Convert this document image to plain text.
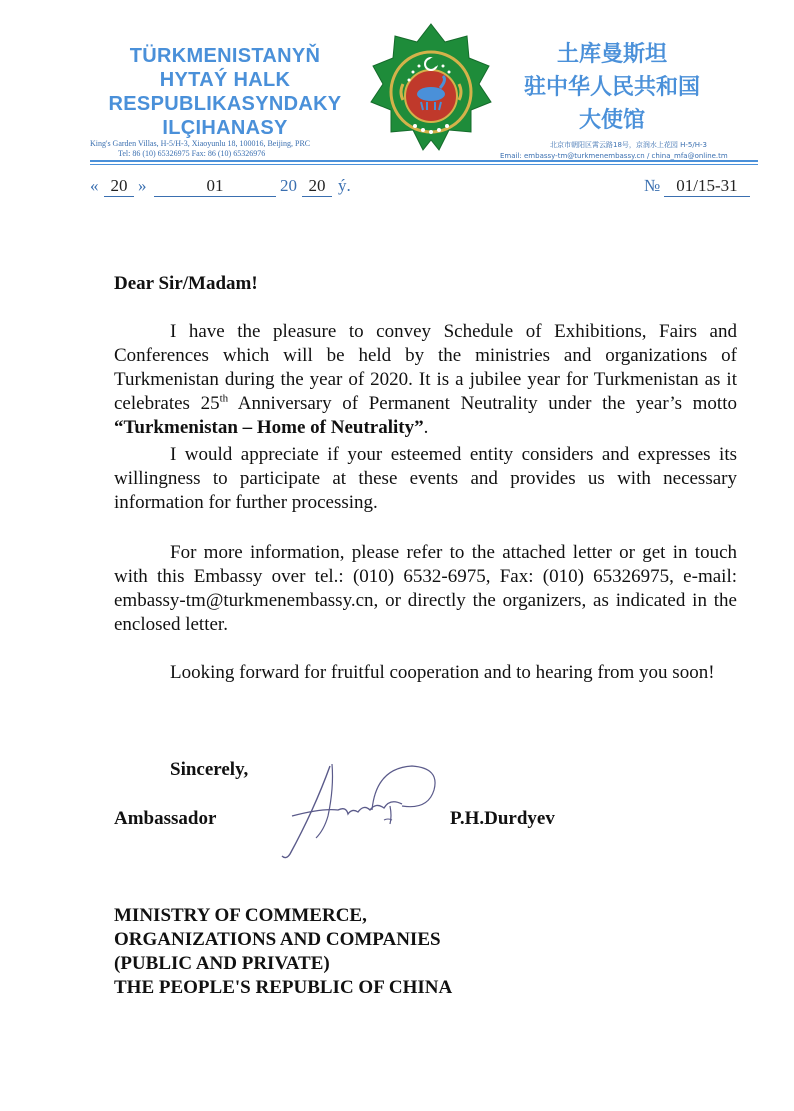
TÜRKMENISTANYŇ
HYTAÝ HALK
RESPUBLIKASYNDAKY
ILÇIHANASY
King's Garden Villas, H-5/H-3, Xiaoyunlu 18, 100016, Beijing, PRC
Tel: 86 (10) 65326975 Fax: 86 (10) 65326976
土库曼斯坦
驻中华人民共和国
大使馆
北京市朝阳区霄云路18号，京润水上花园 H-5/H-3
Email: embassy-tm@turkmenembassy.cn / china_mfa@online.tm
« 20 »	01	20 20 ý.	№ 01/15-31
Dear Sir/Madam!
I have the pleasure to convey Schedule of Exhibitions, Fairs and Conferences which will be held by the ministries and organizations of Turkmenistan during the year of 2020. It is a jubilee year for Turkmenistan as it celebrates 25th Anniversary of Permanent Neutrality under the year’s motto “Turkmenistan – Home of Neutrality”.
I would appreciate if your esteemed entity considers and expresses its willingness to participate at these events and provides us with necessary information for further processing.
For more information, please refer to the attached letter or get in touch with this Embassy over tel.: (010) 6532-6975, Fax: (010) 65326975, e-mail: embassy-tm@turkmenembassy.cn, or directly the organizers, as indicated in the enclosed letter.
Looking forward for fruitful cooperation and to hearing from you soon!
Sincerely,
Ambassador	P.H.Durdyev
MINISTRY OF COMMERCE,
ORGANIZATIONS AND COMPANIES
(PUBLIC AND PRIVATE)
THE PEOPLE'S REPUBLIC OF CHINA
